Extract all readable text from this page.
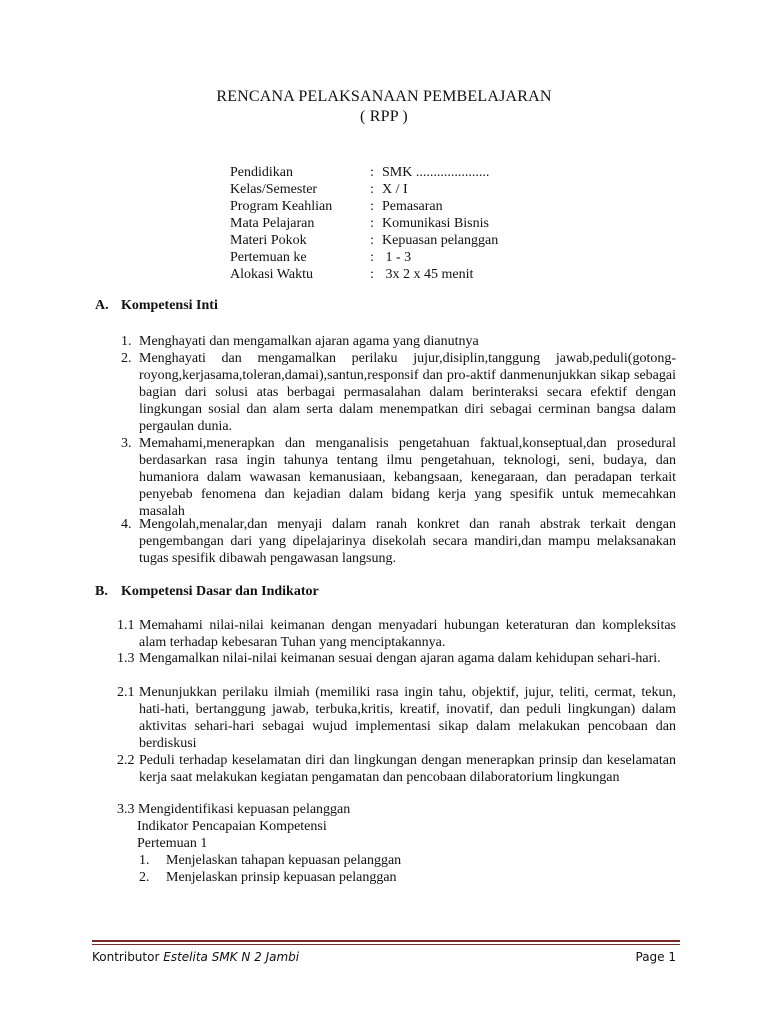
RENCANA PELAKSANAAN PEMBELAJARAN
( RPP )
Pendidikan	: SMK .....................
Kelas/Semester	: X / I
Program Keahlian	: Pemasaran
Mata Pelajaran	: Komunikasi Bisnis
Materi Pokok	: Kepuasan pelanggan
Pertemuan ke	: 1 - 3
Alokasi Waktu	: 3x 2 x 45 menit
A. Kompetensi Inti
1. Menghayati dan mengamalkan ajaran agama yang dianutnya
2. Menghayati dan mengamalkan perilaku jujur,disiplin,tanggung jawab,peduli(gotong-royong,kerjasama,toleran,damai),santun,responsif dan pro-aktif danmenunjukkan sikap sebagai bagian dari solusi atas berbagai permasalahan dalam berinteraksi secara efektif dengan lingkungan sosial dan alam serta dalam menempatkan diri sebagai cerminan bangsa dalam pergaulan dunia.
3. Memahami,menerapkan dan menganalisis pengetahuan faktual,konseptual,dan prosedural berdasarkan rasa ingin tahunya tentang ilmu pengetahuan, teknologi, seni, budaya, dan humaniora dalam wawasan kemanusiaan, kebangsaan, kenegaraan, dan peradapan terkait penyebab fenomena dan kejadian dalam bidang kerja yang spesifik untuk memecahkan masalah
4. Mengolah,menalar,dan menyaji dalam ranah konkret dan ranah abstrak terkait dengan pengembangan dari yang dipelajarinya disekolah secara mandiri,dan mampu melaksanakan tugas spesifik dibawah pengawasan langsung.
B. Kompetensi Dasar dan Indikator
1.1 Memahami nilai-nilai keimanan dengan menyadari hubungan keteraturan dan kompleksitas alam terhadap kebesaran Tuhan yang menciptakannya.
1.3 Mengamalkan nilai-nilai keimanan sesuai dengan ajaran agama dalam kehidupan sehari-hari.
2.1 Menunjukkan perilaku ilmiah (memiliki rasa ingin tahu, objektif, jujur, teliti, cermat, tekun, hati-hati, bertanggung jawab, terbuka,kritis, kreatif, inovatif, dan peduli lingkungan) dalam aktivitas sehari-hari sebagai wujud implementasi sikap dalam melakukan pencobaan dan berdiskusi
2.2 Peduli terhadap keselamatan diri dan lingkungan dengan menerapkan prinsip dan keselamatan kerja saat melakukan kegiatan pengamatan dan pencobaan dilaboratorium lingkungan
3.3 Mengidentifikasi kepuasan pelanggan
Indikator Pencapaian Kompetensi
Pertemuan 1
1. Menjelaskan tahapan kepuasan pelanggan
2. Menjelaskan prinsip kepuasan pelanggan
Kontributor Estelita SMK N 2 Jambi	Page 1
